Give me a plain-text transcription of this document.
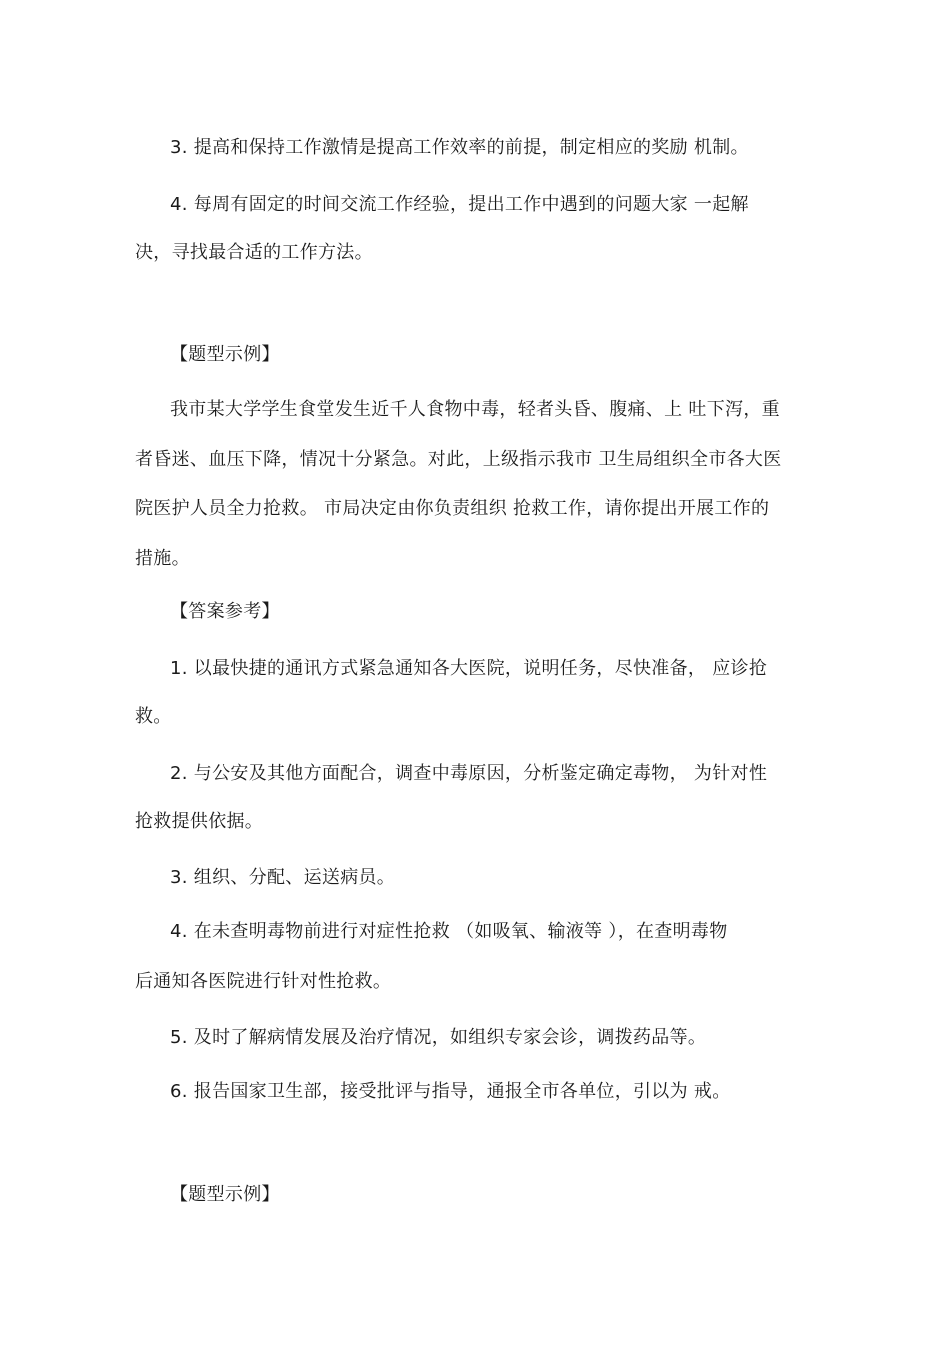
3. 提高和保持工作激情是提高工作效率的前提，制定相应的奖励 机制。
4. 每周有固定的时间交流工作经验，提出工作中遇到的问题大家 一起解
决，寻找最合适的工作方法。
【题型示例】
我市某大学学生食堂发生近千人食物中毒，轻者头昏、腹痛、上 吐下泻，重
者昏迷、血压下降，情况十分紧急。对此，上级指示我市 卫生局组织全市各大医
院医护人员全力抢救。 市局决定由你负责组织 抢救工作，请你提出开展工作的
措施。
【答案参考】
1. 以最快捷的通讯方式紧急通知各大医院，说明任务，尽快准备， 应诊抢
救。
2. 与公安及其他方面配合，调查中毒原因，分析鉴定确定毒物， 为针对性
抢救提供依据。
3. 组织、分配、运送病员。
4. 在未查明毒物前进行对症性抢救 （如吸氧、输液等 ），在查明毒物
后通知各医院进行针对性抢救。
5. 及时了解病情发展及治疗情况，如组织专家会诊，调拨药品等。
6. 报告国家卫生部，接受批评与指导，通报全市各单位，引以为 戒。
【题型示例】
